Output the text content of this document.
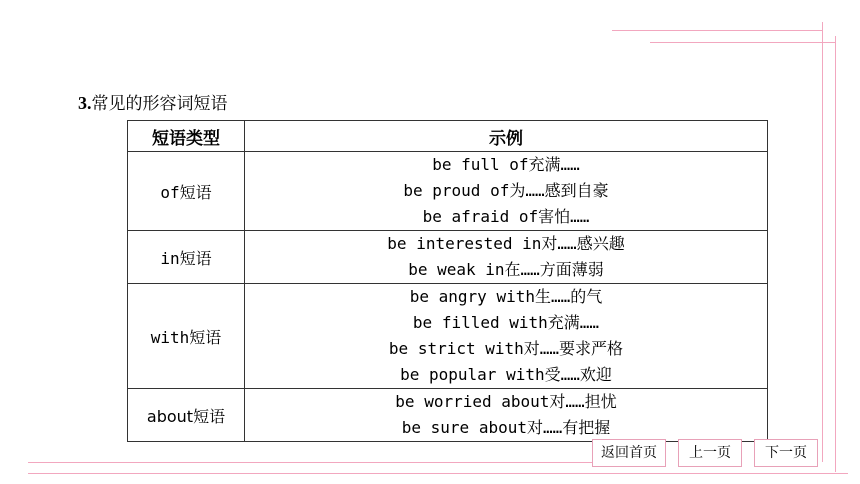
3.常见的形容词短语
短语类型	示例
of短语	be full of充满……
be proud of为……感到自豪
be afraid of害怕……

in短语	be interested in对……感兴趣
be weak in在……方面薄弱

with短语	be angry with生……的气
be filled with充满……
be strict with对……要求严格
be popular with受……欢迎

about短语	be worried about对……担忧
be sure about对……有把握
返回首页	上一页	下一页
